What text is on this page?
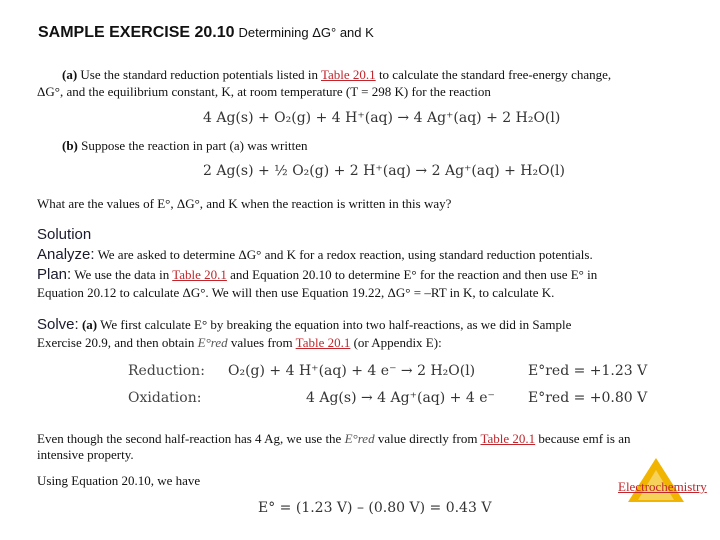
SAMPLE EXERCISE 20.10 Determining ΔG° and K
(a) Use the standard reduction potentials listed in Table 20.1 to calculate the standard free-energy change,
ΔG°, and the equilibrium constant, K, at room temperature (T = 298 K) for the reaction
4 Ag(s) + O₂(g) + 4 H⁺(aq) → 4 Ag⁺(aq) + 2 H₂O(l)
(b) Suppose the reaction in part (a) was written
2 Ag(s) + ½ O₂(g) + 2 H⁺(aq) → 2 Ag⁺(aq) + H₂O(l)
What are the values of E°, ΔG°, and K when the reaction is written in this way?
Solution
Analyze: We are asked to determine ΔG° and K for a redox reaction, using standard reduction potentials.
Plan: We use the data in Table 20.1 and Equation 20.10 to determine E° for the reaction and then use E° in
Equation 20.12 to calculate ΔG°. We will then use Equation 19.22, ΔG° = –RT in K, to calculate K.
Solve: (a) We first calculate E° by breaking the equation into two half-reactions, as we did in Sample
Exercise 20.9, and then obtain E°red values from Table 20.1 (or Appendix E):
Reduction: O₂(g) + 4 H⁺(aq) + 4 e⁻ → 2 H₂O(l)	E°red = +1.23 V
Oxidation:	4 Ag(s) → 4 Ag⁺(aq) + 4 e⁻ E°red = +0.80 V
Even though the second half-reaction has 4 Ag, we use the E°red value directly from Table 20.1 because emf is an
intensive property.
Using Equation 20.10, we have
E° = (1.23 V) – (0.80 V) = 0.43 V
Electrochemistry
